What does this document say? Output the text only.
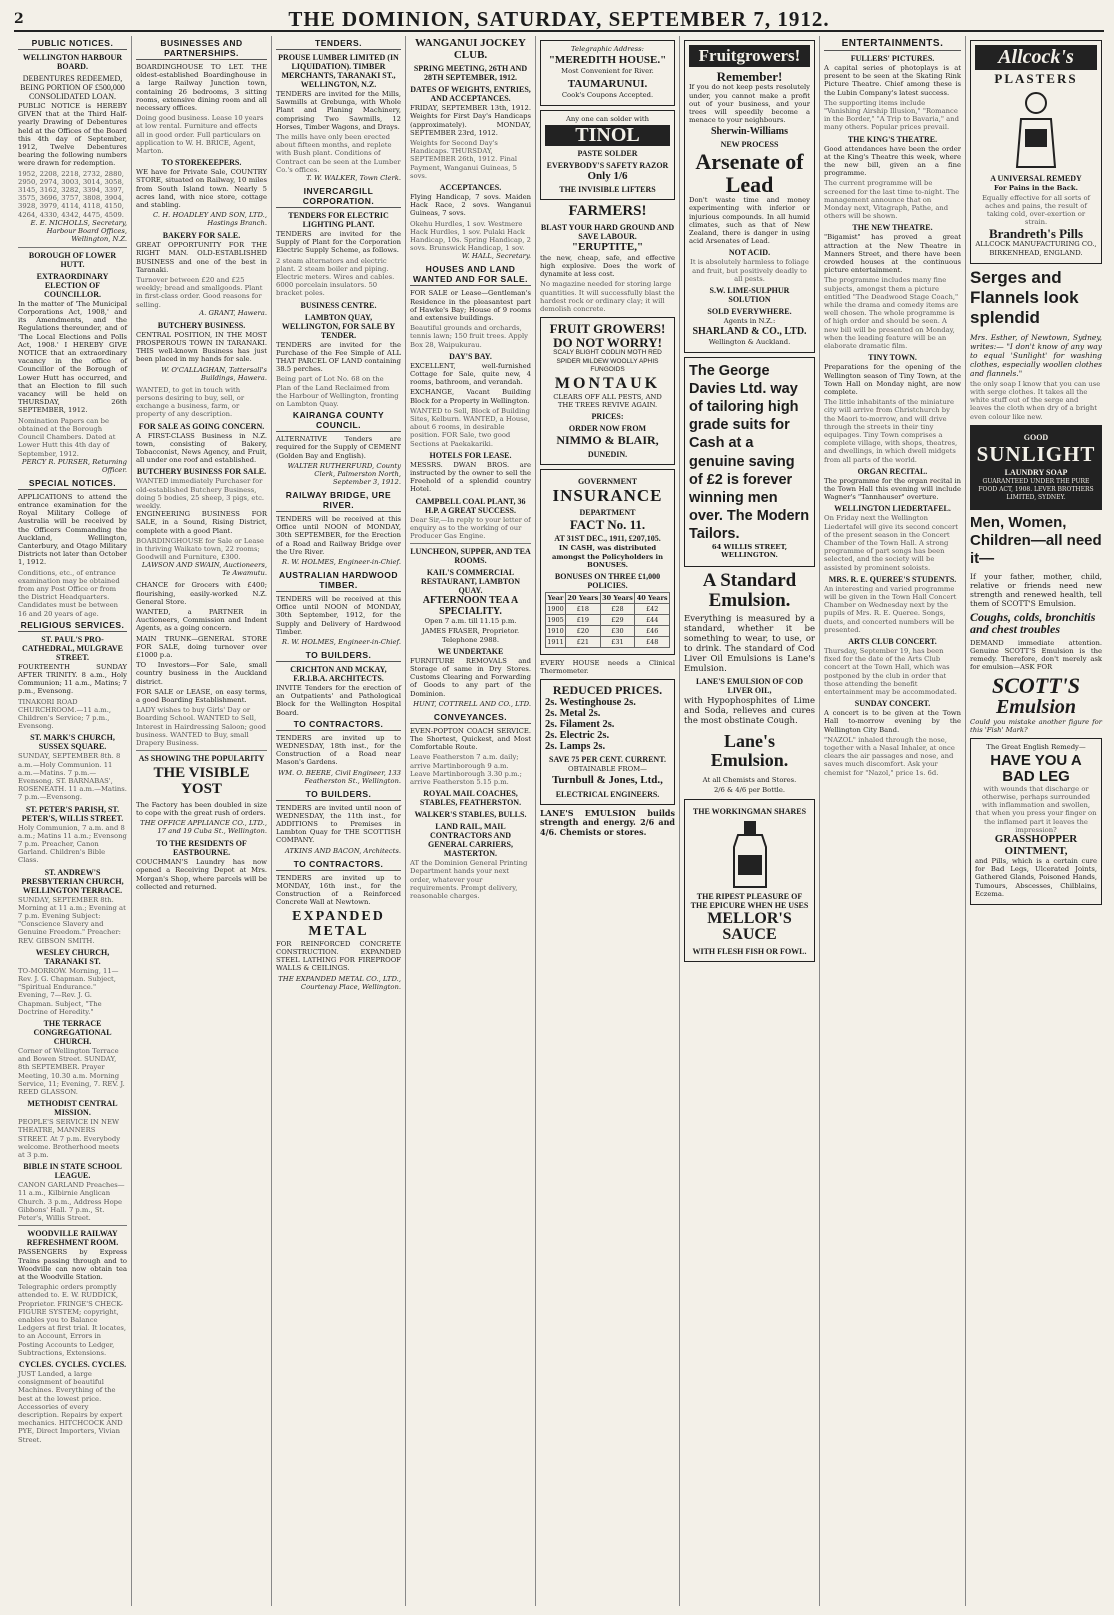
2	THE DOMINION, SATURDAY, SEPTEMBER 7, 1912.
PUBLIC NOTICES.
WELLINGTON HARBOUR BOARD.
DEBENTURES REDEEMED, BEING PORTION OF £500,000 CONSOLIDATED LOAN.
PUBLIC NOTICE is HEREBY GIVEN that at the Third Half-yearly Drawing of Debentures held at the Offices of the Board this 4th day of September, 1912, Twelve Debentures bearing the following numbers were drawn for redemption.
1952, 2208, 2218, 2732, 2880, 2950, 2974, 3003, 3014, 3058, 3145, 3162, 3282, 3394, 3397, 3575, 3696, 3757, 3808, 3904, 3928, 3979, 4114, 4118, 4150, 4264, 4330, 4342, 4475, 4509.
E. E. NICHOLLS, Secretary, Harbour Board Offices, Wellington, N.Z.
BOROUGH OF LOWER HUTT.
EXTRAORDINARY ELECTION OF COUNCILLOR.
In the matter of 'The Municipal Corporations Act, 1908,' and its Amendments, and the Regulations thereunder, and of 'The Local Elections and Polls Act, 1908.' I HEREBY GIVE NOTICE that an extraordinary vacancy in the office of Councillor of the Borough of Lower Hutt has occurred, and that an Election to fill such vacancy will be held on THURSDAY, 26th SEPTEMBER, 1912.
Nomination Papers can be obtained at the Borough Council Chambers. Dated at Lower Hutt this 4th day of September, 1912.
PERCY R. PURSER, Returning Officer.
SPECIAL NOTICES.
APPLICATIONS to attend the entrance examination for the Royal Military College of Australia will be received by the Officers Commanding the Auckland, Wellington, Canterbury, and Otago Military Districts not later than October 1, 1912.
Conditions, etc., of entrance examination may be obtained from any Post Office or from the District Headquarters. Candidates must be between 16 and 20 years of age.
RELIGIOUS SERVICES.
ST. PAUL'S PRO-CATHEDRAL, MULGRAVE STREET.
FOURTEENTH SUNDAY AFTER TRINITY. 8 a.m., Holy Communion; 11 a.m., Matins; 7 p.m., Evensong.
TINAKORI ROAD CHURCHROOM.—11 a.m., Children's Service; 7 p.m., Evensong.
ST. MARK'S CHURCH, SUSSEX SQUARE.
SUNDAY, SEPTEMBER 8th. 8 a.m.—Holy Communion. 11 a.m.—Matins. 7 p.m.—Evensong. ST. BARNABAS', ROSENEATH. 11 a.m.—Matins. 7 p.m.—Evensong.
ST. PETER'S PARISH, ST. PETER'S, WILLIS STREET.
Holy Communion, 7 a.m. and 8 a.m.; Matins 11 a.m.; Evensong 7 p.m. Preacher, Canon Garland. Children's Bible Class.
ST. ANDREW'S PRESBYTERIAN CHURCH, WELLINGTON TERRACE.
SUNDAY, SEPTEMBER 8th. Morning at 11 a.m.; Evening at 7 p.m. Evening Subject: "Conscience Slavery and Genuine Freedom." Preacher: REV. GIBSON SMITH.
WESLEY CHURCH, TARANAKI ST.
TO-MORROW. Morning, 11—Rev. J. G. Chapman. Subject, "Spiritual Endurance." Evening, 7—Rev. J. G. Chapman. Subject, "The Doctrine of Heredity."
THE TERRACE CONGREGATIONAL CHURCH.
Corner of Wellington Terrace and Bowen Street. SUNDAY, 8th SEPTEMBER. Prayer Meeting, 10.30 a.m. Morning Service, 11; Evening, 7. REV. J. REED GLASSON.
METHODIST CENTRAL MISSION.
PEOPLE'S SERVICE IN NEW THEATRE, MANNERS STREET. At 7 p.m. Everybody welcome. Brotherhood meets at 3 p.m.
BIBLE IN STATE SCHOOL LEAGUE.
CANON GARLAND Preaches—11 a.m., Kilbirnie Anglican Church. 3 p.m., Address Hope Gibbons' Hall. 7 p.m., St. Peter's, Willis Street.
WOODVILLE RAILWAY REFRESHMENT ROOM.
PASSENGERS by Express Trains passing through and to Woodville can now obtain tea at the Woodville Station.
Telegraphic orders promptly attended to. E. W. RUDDICK, Proprietor. FRINGE'S CHECK-FIGURE SYSTEM; copyright, enables you to Balance Ledgers at first trial. It locates, to an Account, Errors in Posting Accounts to Ledger, Subtractions, Extensions.
CYCLES. CYCLES. CYCLES.
JUST Landed, a large consignment of beautiful Machines. Everything of the best at the lowest price. Accessories of every description. Repairs by expert mechanics. HITCHCOCK AND PYE, Direct Importers, Vivian Street.
BUSINESSES AND PARTNERSHIPS.
BOARDINGHOUSE TO LET. THE oldest-established Boardinghouse in a large Railway Junction town, containing 26 bedrooms, 3 sitting rooms, extensive dining room and all necessary offices.
Doing good business. Lease 10 years at low rental. Furniture and effects all in good order. Full particulars on application to W. H. BRICE, Agent, Marton.
TO STOREKEEPERS.
WE have for Private Sale, COUNTRY STORE, situated on Railway, 10 miles from South Island town. Nearly 5 acres land, with nice store, cottage and stabling.
C. H. HOADLEY AND SON, LTD., Hastings Branch.
BAKERY FOR SALE.
GREAT OPPORTUNITY FOR THE RIGHT MAN. OLD-ESTABLISHED BUSINESS and one of the best in Taranaki.
Turnover between £20 and £25 weekly; bread and smallgoods. Plant in first-class order. Good reasons for selling.
A. GRANT, Hawera.
BUTCHERY BUSINESS.
CENTRAL POSITION, IN THE MOST PROSPEROUS TOWN IN TARANAKI. THIS well-known Business has just been placed in my hands for sale.
W. O'CALLAGHAN, Tattersall's Buildings, Hawera.
WANTED, to get in touch with persons desiring to buy, sell, or exchange a business, farm, or property of any description.
FOR SALE AS GOING CONCERN.
A FIRST-CLASS Business in N.Z. town, consisting of Bakery, Tobacconist, News Agency, and Fruit, all under one roof and established.
BUTCHERY BUSINESS FOR SALE.
WANTED immediately Purchaser for old-established Butchery Business, doing 5 bodies, 25 sheep, 3 pigs, etc. weekly.
ENGINEERING BUSINESS FOR SALE, in a Sound, Rising District, complete with a good Plant.
BOARDINGHOUSE for Sale or Lease in thriving Waikato town, 22 rooms; Goodwill and Furniture, £300.
LAWSON AND SWAIN, Auctioneers, Te Awamutu.
CHANCE for Grocers with £400; flourishing, easily-worked N.Z. General Store.
WANTED, a PARTNER in Auctioneers, Commission and Indent Agents, as a going concern.
MAIN TRUNK—GENERAL STORE FOR SALE, doing turnover over £1000 p.a.
TO Investors—For Sale, small country business in the Auckland district.
FOR SALE or LEASE, on easy terms, a good Boarding Establishment.
LADY wishes to buy Girls' Day or Boarding School. WANTED to Sell, Interest in Hairdressing Saloon; good business. WANTED to Buy, small Drapery Business.
AS SHOWING THE POPULARITY
THE VISIBLE YOST
The Factory has been doubled in size to cope with the great rush of orders.
THE OFFICE APPLIANCE CO., LTD., 17 and 19 Cuba St., Wellington.
TO THE RESIDENTS OF EASTBOURNE.
COUCHMAN'S Laundry has now opened a Receiving Depot at Mrs. Morgan's Shop, where parcels will be collected and returned.
TENDERS.
PROUSE LUMBER LIMITED (IN LIQUIDATION). TIMBER MERCHANTS, TARANAKI ST., WELLINGTON, N.Z.
TENDERS are invited for the Mills, Sawmills at Grebunga, with Whole Plant and Planing Machinery, comprising Two Sawmills, 12 Horses, Timber Wagons, and Drays.
The mills have only been erected about fifteen months, and replete with Bush plant. Conditions of Contract can be seen at the Lumber Co.'s offices.
T. W. WALKER, Town Clerk.
INVERCARGILL CORPORATION.
TENDERS FOR ELECTRIC LIGHTING PLANT.
TENDERS are invited for the Supply of Plant for the Corporation Electric Supply Scheme, as follows.
2 steam alternators and electric plant. 2 steam boiler and piping. Electric meters. Wires and cables. 6000 porcelain insulators. 50 bracket poles.
BUSINESS CENTRE.
LAMBTON QUAY, WELLINGTON, FOR SALE BY TENDER.
TENDERS are invited for the Purchase of the Fee Simple of ALL THAT PARCEL OF LAND containing 38.5 perches.
Being part of Lot No. 68 on the Plan of the Land Reclaimed from the Harbour of Wellington, fronting on Lambton Quay.
KAIRANGA COUNTY COUNCIL.
ALTERNATIVE Tenders are required for the Supply of CEMENT (Golden Bay and English).
WALTER RUTHERFURD, County Clerk, Palmerston North, September 3, 1912.
RAILWAY BRIDGE, URE RIVER.
TENDERS will be received at this Office until NOON of MONDAY, 30th SEPTEMBER, for the Erection of a Road and Railway Bridge over the Ure River.
R. W. HOLMES, Engineer-in-Chief.
AUSTRALIAN HARDWOOD TIMBER.
TENDERS will be received at this Office until NOON of MONDAY, 30th September, 1912, for the Supply and Delivery of Hardwood Timber.
R. W. HOLMES, Engineer-in-Chief.
TO BUILDERS.
CRICHTON AND MCKAY, F.R.I.B.A. ARCHITECTS.
INVITE Tenders for the erection of an Outpatients' and Pathological Block for the Wellington Hospital Board.
TO CONTRACTORS.
TENDERS are invited up to WEDNESDAY, 18th inst., for the Construction of a Road near Mason's Gardens.
WM. O. BEERE, Civil Engineer, 133 Featherston St., Wellington.
TO BUILDERS.
TENDERS are invited until noon of WEDNESDAY, the 11th inst., for ADDITIONS to Premises in Lambton Quay for THE SCOTTISH COMPANY.
ATKINS AND BACON, Architects.
TO CONTRACTORS.
TENDERS are invited up to MONDAY, 16th inst., for the Construction of a Reinforced Concrete Wall at Newtown.
EXPANDED METAL
FOR REINFORCED CONCRETE CONSTRUCTION. EXPANDED STEEL LATHING FOR FIREPROOF WALLS & CEILINGS.
THE EXPANDED METAL CO., LTD., Courtenay Place, Wellington.
WANGANUI JOCKEY CLUB.
SPRING MEETING, 26TH AND 28TH SEPTEMBER, 1912.
DATES OF WEIGHTS, ENTRIES, AND ACCEPTANCES.
FRIDAY, SEPTEMBER 13th, 1912. Weights for First Day's Handicaps (approximately). MONDAY, SEPTEMBER 23rd, 1912.
Weights for Second Day's Handicaps. THURSDAY, SEPTEMBER 26th, 1912. Final Payment, Wanganui Guineas, 5 sovs.
ACCEPTANCES.
Flying Handicap, 7 sovs. Maiden Hack Race, 2 sovs. Wanganui Guineas, 7 sovs.
Okehu Hurdles, 1 sov. Westmere Hack Hurdles, 1 sov. Pulaki Hack Handicap, 10s. Spring Handicap, 2 sovs. Brunswick Handicap, 1 sov.
W. HALL, Secretary.
HOUSES AND LAND WANTED AND FOR SALE.
FOR SALE or Lease—Gentleman's Residence in the pleasantest part of Hawke's Bay; House of 9 rooms and extensive buildings.
Beautiful grounds and orchards, tennis lawn; 150 fruit trees. Apply Box 28, Waipukurau.
DAY'S BAY.
EXCELLENT, well-furnished Cottage for Sale, quite new, 4 rooms, bathroom, and verandah.
EXCHANGE, Vacant Building Block for a Property in Wellington.
WANTED to Sell, Block of Building Sites, Kelburn. WANTED, a House, about 6 rooms, in desirable position. FOR Sale, two good Sections at Paekakariki.
HOTELS FOR LEASE.
MESSRS. DWAN BROS. are instructed by the owner to sell the Freehold of a splendid country Hotel.
CAMPBELL COAL PLANT, 36 H.P. A GREAT SUCCESS.
Dear Sir,—In reply to your letter of enquiry as to the working of our Producer Gas Engine.
LUNCHEON, SUPPER, AND TEA ROOMS.
KAIL'S COMMERCIAL RESTAURANT, LAMBTON QUAY.
AFTERNOON TEA A SPECIALITY.
Open 7 a.m. till 11.15 p.m.
JAMES FRASER, Proprietor. Telephone 2988.
WE UNDERTAKE
FURNITURE REMOVALS and Storage of same in Dry Stores. Customs Clearing and Forwarding of Goods to any part of the Dominion.
HUNT, COTTRELL AND CO., LTD.
CONVEYANCES.
EVEN-POPTON COACH SERVICE. The Shortest, Quickest, and Most Comfortable Route.
Leave Featherston 7 a.m. daily; arrive Martinborough 9 a.m. Leave Martinborough 3.30 p.m.; arrive Featherston 5.15 p.m.
ROYAL MAIL COACHES, STABLES, FEATHERSTON.
WALKER'S STABLES, BULLS.
LAND RAIL, MAIL CONTRACTORS AND GENERAL CARRIERS, MASTERTON.
AT the Dominion General Printing Department hands your next order, whatever your requirements. Prompt delivery, reasonable charges.
Telegraphic Address:
"MEREDITH HOUSE."
Most Convenient for River.
TAUMARUNUI.
Cook's Coupons Accepted.
Any one can solder with
TINOL
PASTE SOLDER
EVERYBODY'S SAFETY RAZOR
Only 1/6
THE INVISIBLE LIFTERS
FARMERS!
BLAST YOUR HARD GROUND AND SAVE LABOUR.
"ERUPTITE,"
the new, cheap, safe, and effective high explosive. Does the work of dynamite at less cost.
No magazine needed for storing large quantities. It will successfully blast the hardest rock or ordinary clay; it will demolish concrete.
FRUIT GROWERS!
DO NOT WORRY!
SCALY BLIGHT CODLIN MOTH RED SPIDER MILDEW WOOLLY APHIS FUNGOIDS
MONTAUK
CLEARS OFF ALL PESTS, AND THE TREES REVIVE AGAIN.
PRICES:
ORDER NOW FROM
NIMMO & BLAIR,
DUNEDIN.
GOVERNMENT
INSURANCE
DEPARTMENT
FACT No. 11.
AT 31ST DEC., 1911, £207,105.
IN CASH, was distributed amongst the Policyholders in BONUSES.
BONUSES ON THREE £1,000 POLICIES.
Year	20 Years	30 Years	40 Years
1900	£18	£28	£42
1905	£19	£29	£44
1910	£20	£30	£46
1911	£21	£31	£48
EVERY HOUSE needs a Clinical Thermometer.
REDUCED PRICES.
2s. Westinghouse 2s.
2s. Metal 2s.
2s. Filament 2s.
2s. Electric 2s.
2s. Lamps 2s.
SAVE 75 PER CENT. CURRENT.
OBTAINABLE FROM—
Turnbull & Jones, Ltd.,
ELECTRICAL ENGINEERS.
LANE'S EMULSION builds strength and energy. 2/6 and 4/6. Chemists or stores.
Fruitgrowers!
Remember!
If you do not keep pests resolutely under, you cannot make a profit out of your business, and your trees will speedily become a menace to your neighbours.
Sherwin-Williams
NEW PROCESS
Arsenate of Lead
Don't waste time and money experimenting with inferior or injurious compounds. In all humid climates, such as that of New Zealand, there is danger in using acid Arsenates of Lead.
NOT ACID.
It is absolutely harmless to foliage and fruit, but positively deadly to all pests.
S.W. LIME-SULPHUR SOLUTION
SOLD EVERYWHERE.
Agents in N.Z.:
SHARLAND & CO., LTD.
Wellington & Auckland.
The George Davies Ltd. way of tailoring high grade suits for Cash at a genuine saving of £2 is forever winning men over. The Modern Tailors.
64 WILLIS STREET, WELLINGTON.
A Standard Emulsion.
Everything is measured by a standard, whether it be something to wear, to use, or to drink. The standard of Cod Liver Oil Emulsions is Lane's Emulsion.
LANE'S EMULSION OF COD LIVER OIL,
with Hypophosphites of Lime and Soda, relieves and cures the most obstinate Cough.
Lane's Emulsion.
At all Chemists and Stores.
2/6 & 4/6 per Bottle.
THE WORKINGMAN SHARES
THE RIPEST PLEASURE OF THE EPICURE WHEN HE USES
MELLOR'S SAUCE
WITH FLESH FISH OR FOWL.
ENTERTAINMENTS.
FULLERS' PICTURES.
A capital series of photoplays is at present to be seen at the Skating Rink Picture Theatre. Chief among these is the Lubin Company's latest success.
The supporting items include "Vanishing Airship Illusion," "Romance in the Border," "A Trip to Bavaria," and many others. Popular prices prevail.
THE KING'S THEATRE.
Good attendances have been the order at the King's Theatre this week, where the new bill, given an a fine programme.
The current programme will be screened for the last time to-night. The management announce that on Monday next, Vitagraph, Pathe, and others will be shown.
THE NEW THEATRE.
"Bigamist" has proved a great attraction at the New Theatre in Manners Street, and there have been crowded houses at the continuous picture entertainment.
The programme includes many fine subjects, amongst them a picture entitled "The Deadwood Stage Coach," while the drama and comedy items are well chosen. The whole programme is of high order and should be seen. A new bill will be presented on Monday, when the leading feature will be an elaborate dramatic film.
TINY TOWN.
Preparations for the opening of the Wellington season of Tiny Town, at the Town Hall on Monday night, are now complete.
The little inhabitants of the miniature city will arrive from Christchurch by the Maori to-morrow, and will drive through the streets in their tiny equipages. Tiny Town comprises a complete village, with shops, theatres, and dwellings, in which dwell midgets from all parts of the world.
ORGAN RECITAL.
The programme for the organ recital in the Town Hall this evening will include Wagner's "Tannhauser" overture.
WELLINGTON LIEDERTAFEL.
On Friday next the Wellington Liedertafel will give its second concert of the present season in the Concert Chamber of the Town Hall. A strong programme of part songs has been selected, and the society will be assisted by prominent soloists.
MRS. R. E. QUEREE'S STUDENTS.
An interesting and varied programme will be given in the Town Hall Concert Chamber on Wednesday next by the pupils of Mrs. R. E. Queree. Songs, duets, and concerted numbers will be presented.
ARTS CLUB CONCERT.
Thursday, September 19, has been fixed for the date of the Arts Club concert at the Town Hall, which was postponed by the club in order that those attending the benefit entertainment may be accommodated.
SUNDAY CONCERT.
A concert is to be given at the Town Hall to-morrow evening by the Wellington City Band.
"NAZOL" inhaled through the nose, together with a Nasal Inhaler, at once clears the air passages and nose, and saves much discomfort. Ask your chemist for "Nazol," price 1s. 6d.
Allcock's
PLASTERS
A UNIVERSAL REMEDY
For Pains in the Back.
Equally effective for all sorts of aches and pains, the result of taking cold, over-exertion or strain.
Brandreth's Pills
ALLCOCK MANUFACTURING CO., BIRKENHEAD, ENGLAND.
Serges and Flannels look splendid
Mrs. Esther, of Newtown, Sydney, writes:— "I don't know of any way to equal 'Sunlight' for washing clothes, especially woollen clothes and flannels."
the only soap I know that you can use with serge clothes. It takes all the white stuff out of the serge and leaves the cloth when dry of a bright even colour like new.
GOOD
SUNLIGHT
LAUNDRY SOAP
GUARANTEED UNDER THE PURE FOOD ACT, 1908. LEVER BROTHERS LIMITED, SYDNEY.
Men, Women, Children—all need it—
If your father, mother, child, relative or friends need new strength and renewed health, tell them of SCOTT'S Emulsion.
Coughs, colds, bronchitis and chest troubles
DEMAND immediate attention. Genuine SCOTT'S Emulsion is the remedy. Therefore, don't merely ask for emulsion—ASK FOR
SCOTT'S
Emulsion
Could you mistake another figure for this 'Fish' Mark?
The Great English Remedy—
HAVE YOU A BAD LEG
with wounds that discharge or otherwise, perhaps surrounded with inflammation and swollen, that when you press your finger on the inflamed part it leaves the impression?
GRASSHOPPER OINTMENT,
and Pills, which is a certain cure for Bad Legs, Ulcerated Joints, Gathered Glands, Poisoned Hands, Tumours, Abscesses, Chilblains, Eczema.
